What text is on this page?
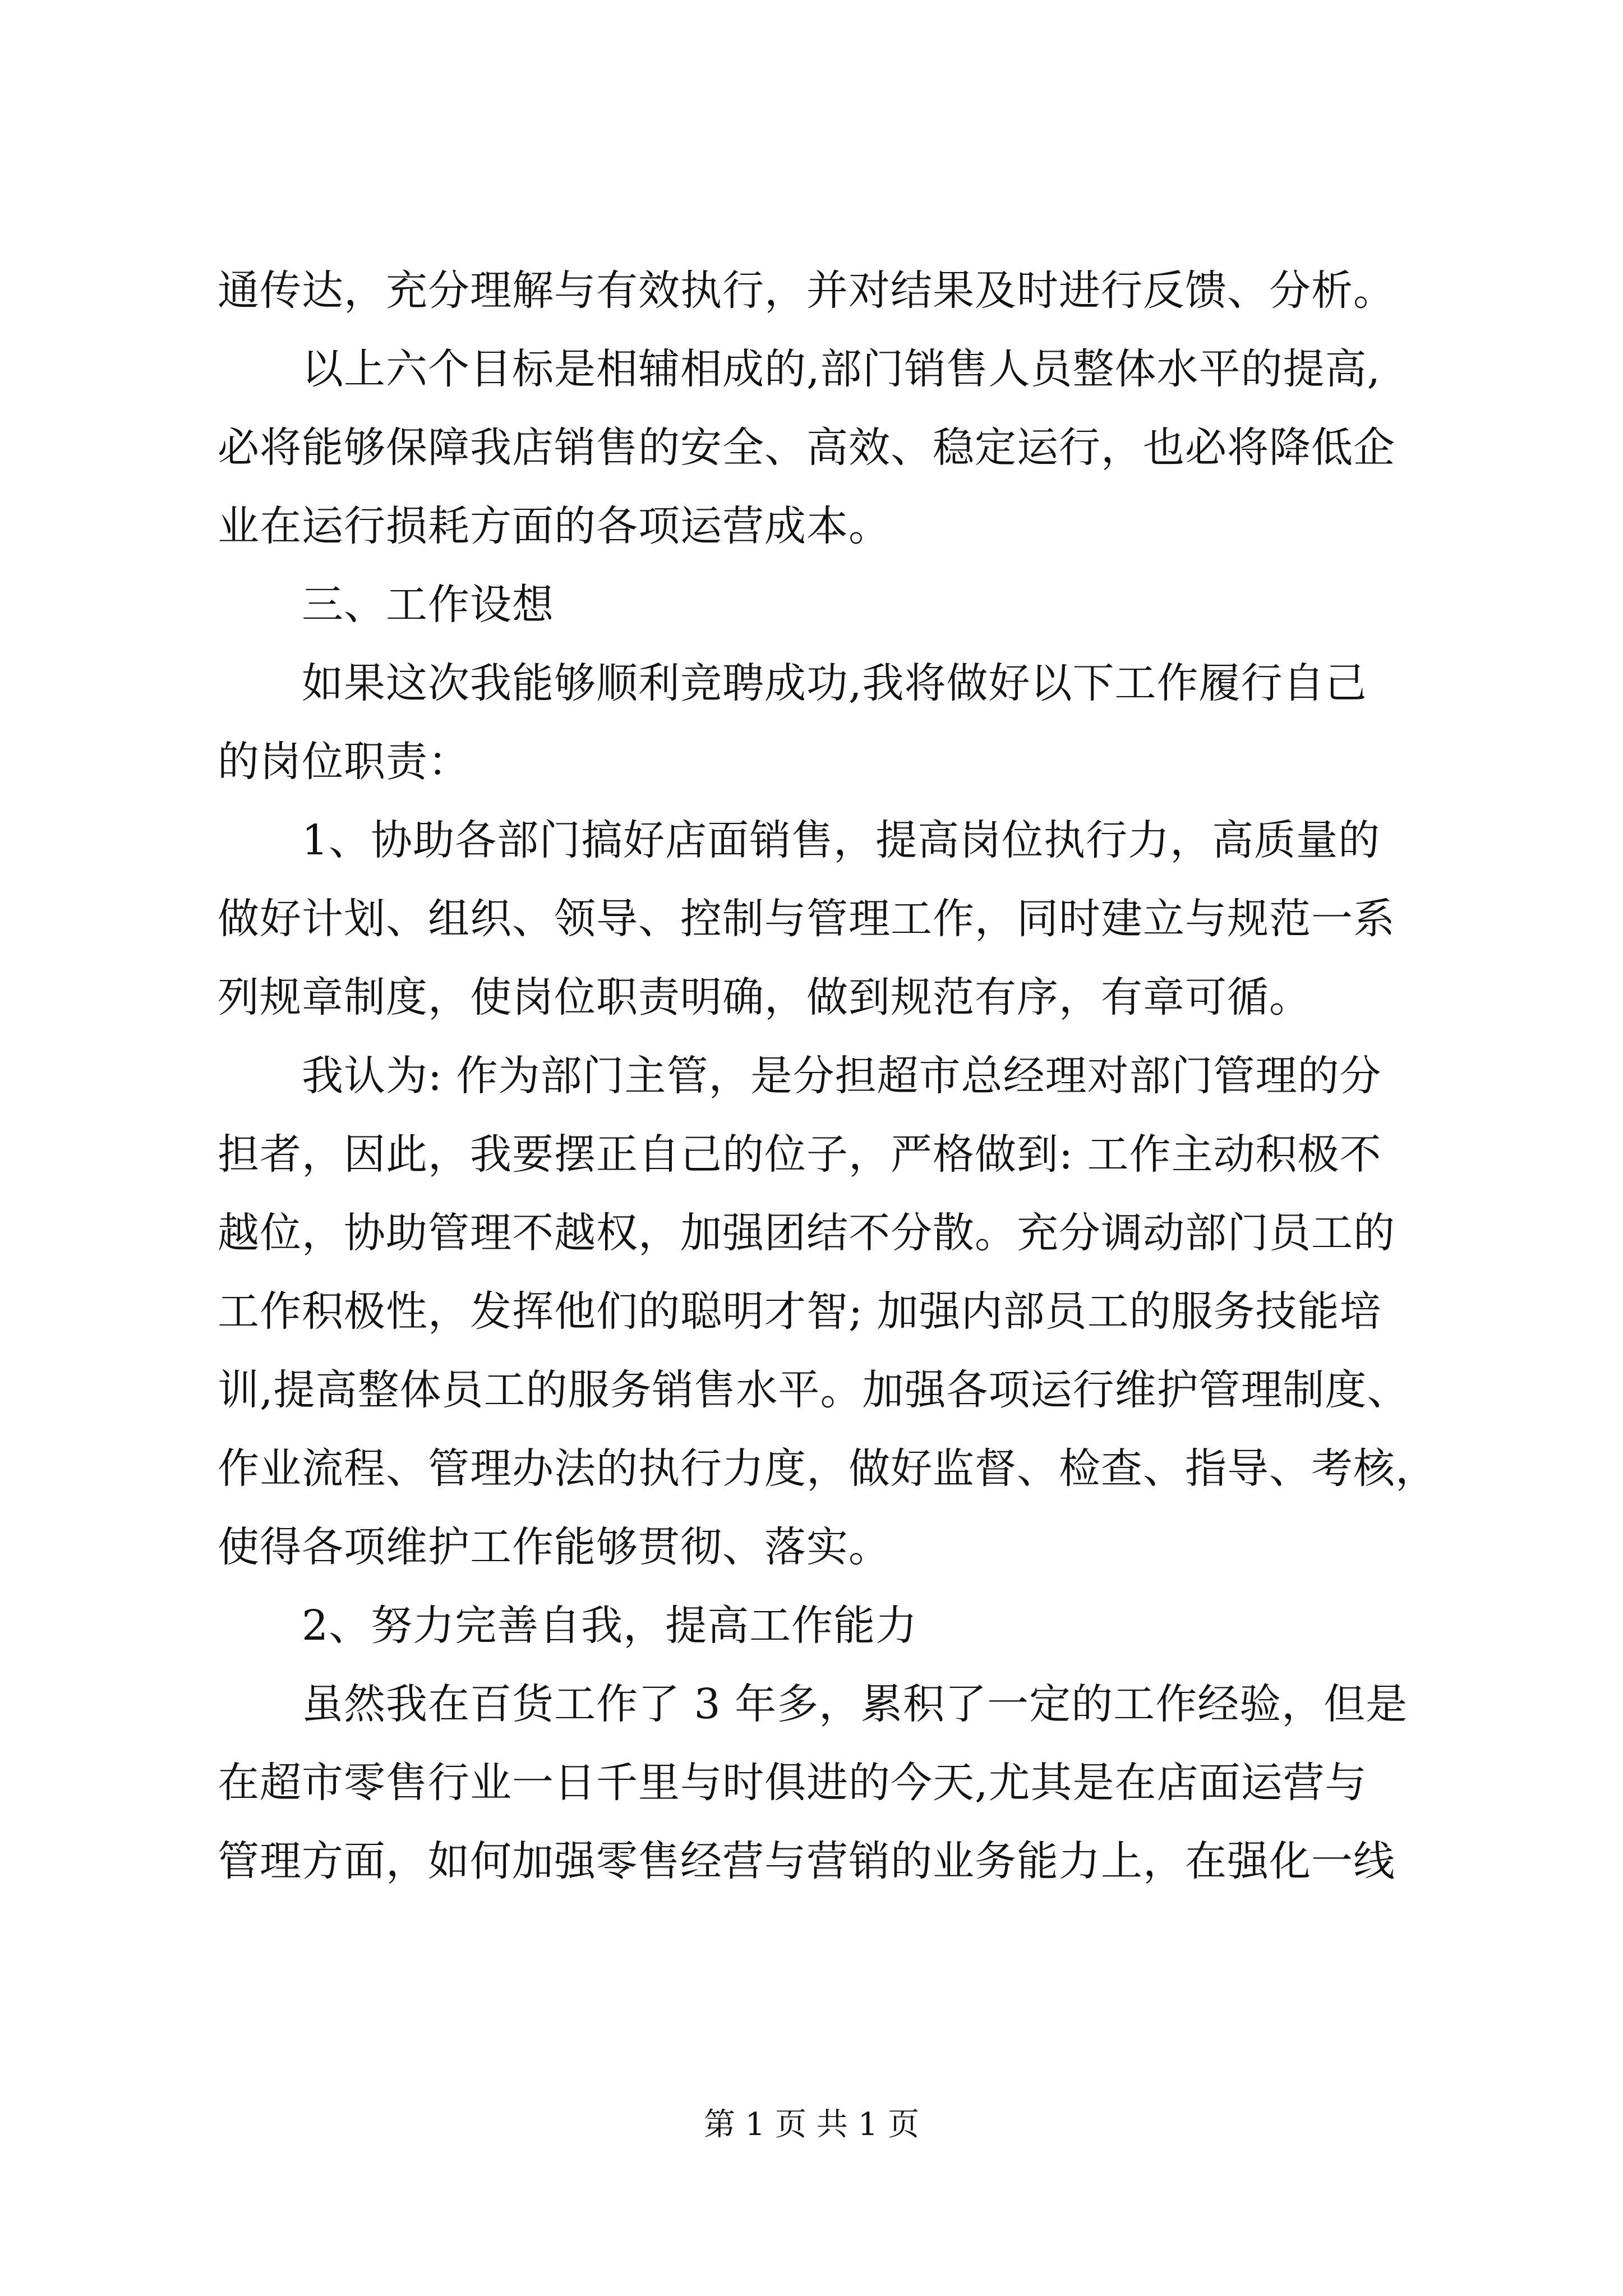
通传达，充分理解与有效执行，并对结果及时进行反馈、分析。
以上六个目标是相辅相成的,部门销售人员整体水平的提高,
必将能够保障我店销售的安全、高效、稳定运行，也必将降低企
业在运行损耗方面的各项运营成本。
三、工作设想
如果这次我能够顺利竞聘成功,我将做好以下工作履行自己
的岗位职责：
1、协助各部门搞好店面销售，提高岗位执行力，高质量的
做好计划、组织、领导、控制与管理工作，同时建立与规范一系
列规章制度，使岗位职责明确，做到规范有序，有章可循。
我认为: 作为部门主管，是分担超市总经理对部门管理的分
担者，因此，我要摆正自己的位子，严格做到: 工作主动积极不
越位，协助管理不越权，加强团结不分散。充分调动部门员工的
工作积极性，发挥他们的聪明才智; 加强内部员工的服务技能培
训,提高整体员工的服务销售水平。加强各项运行维护管理制度、
作业流程、管理办法的执行力度，做好监督、检查、指导、考核，
使得各项维护工作能够贯彻、落实。
2、努力完善自我，提高工作能力
虽然我在百货工作了 3 年多，累积了一定的工作经验，但是
在超市零售行业一日千里与时俱进的今天,尤其是在店面运营与
管理方面，如何加强零售经营与营销的业务能力上，在强化一线
第 1 页 共 1 页
